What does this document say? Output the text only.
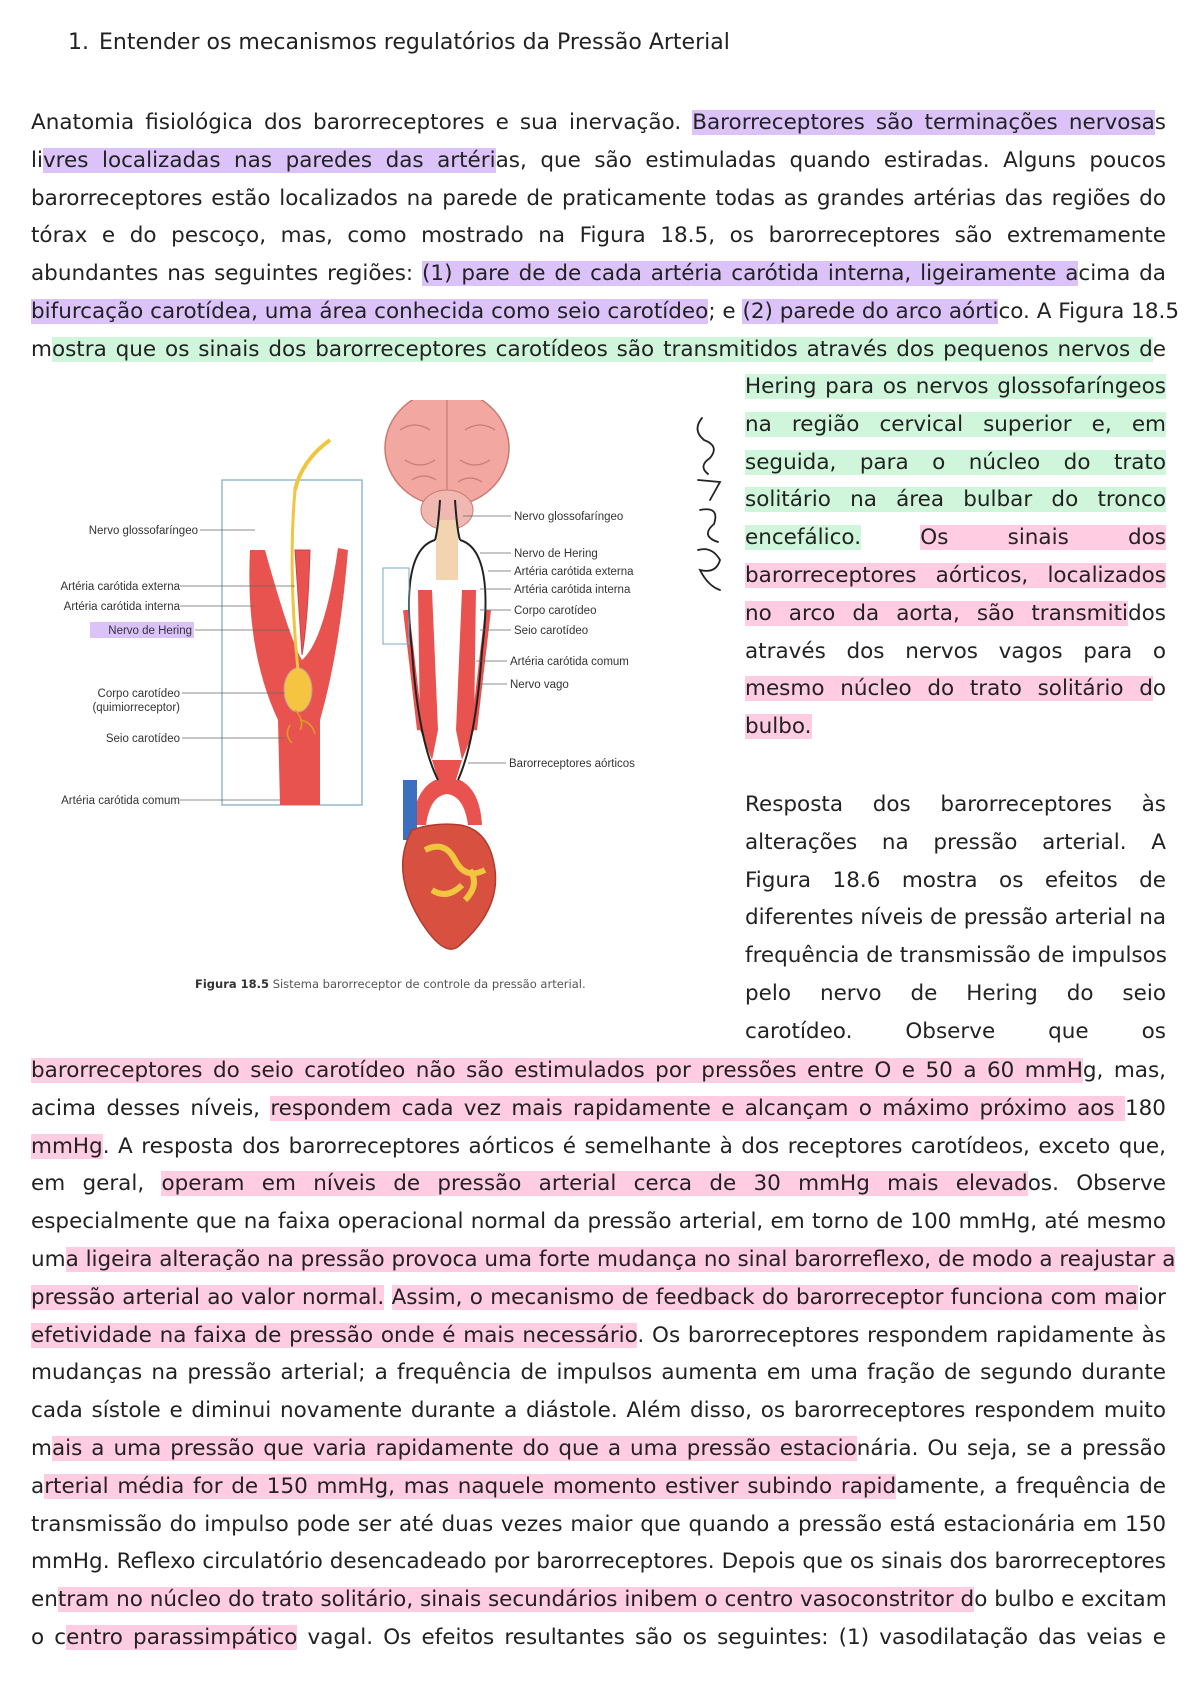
1. Entender os mecanismos regulatórios da Pressão Arterial
Anatomia fisiológica dos barorreceptores e sua inervação. Barorreceptores são terminações nervosas
livres localizadas nas paredes das artérias, que são estimuladas quando estiradas. Alguns poucos
barorreceptores estão localizados na parede de praticamente todas as grandes artérias das regiões do
tórax e do pescoço, mas, como mostrado na Figura 18.5, os barorreceptores são extremamente
abundantes nas seguintes regiões: (1) pare de de cada artéria carótida interna, ligeiramente acima da
bifurcação carotídea, uma área conhecida como seio carotídeo; e (2) parede do arco aórtico. A Figura 18.5
mostra que os sinais dos barorreceptores carotídeos são transmitidos através dos pequenos nervos de
Hering para os nervos glossofaríngeos
na região cervical superior e, em
seguida, para o núcleo do trato
solitário na área bulbar do tronco
encefálico.	Os sinais dos
barorreceptores aórticos, localizados
no arco da aorta, são transmitidos
através dos nervos vagos para o
mesmo núcleo do trato solitário do
bulbo.
Resposta dos barorreceptores às
alterações na pressão arterial. A
Figura 18.6 mostra os efeitos de
diferentes níveis de pressão arterial na
frequência de transmissão de impulsos
pelo nervo de Hering do seio
carotídeo. Observe que os
barorreceptores do seio carotídeo não são estimulados por pressões entre O e 50 a 60 mmHg, mas,
acima desses níveis, respondem cada vez mais rapidamente e alcançam o máximo próximo aos 180
mmHg. A resposta dos barorreceptores aórticos é semelhante à dos receptores carotídeos, exceto que,
em geral, operam em níveis de pressão arterial cerca de 30 mmHg mais elevados. Observe
especialmente que na faixa operacional normal da pressão arterial, em torno de 100 mmHg, até mesmo
uma ligeira alteração na pressão provoca uma forte mudança no sinal barorreflexo, de modo a reajustar a
pressão arterial ao valor normal. Assim, o mecanismo de feedback do barorreceptor funciona com maior
efetividade na faixa de pressão onde é mais necessário. Os barorreceptores respondem rapidamente às
mudanças na pressão arterial; a frequência de impulsos aumenta em uma fração de segundo durante
cada sístole e diminui novamente durante a diástole. Além disso, os barorreceptores respondem muito
mais a uma pressão que varia rapidamente do que a uma pressão estacionária. Ou seja, se a pressão
arterial média for de 150 mmHg, mas naquele momento estiver subindo rapidamente, a frequência de
transmissão do impulso pode ser até duas vezes maior que quando a pressão está estacionária em 150
mmHg. Reflexo circulatório desencadeado por barorreceptores. Depois que os sinais dos barorreceptores
entram no núcleo do trato solitário, sinais secundários inibem o centro vasoconstritor do bulbo e excitam
o centro parassimpático vagal. Os efeitos resultantes são os seguintes: (1) vasodilatação das veias e
Nervo glossofaríngeo
Artéria carótida externa
Artéria carótida interna
Nervo de Hering
Corpo carotídeo
(quimiorreceptor)
Seio carotídeo
Artéria carótida comum
Nervo glossofaríngeo
Nervo de Hering
Artéria carótida externa
Artéria carótida interna
Corpo carotídeo
Seio carotídeo
Artéria carótida comum
Nervo vago
Barorreceptores aórticos
Figura 18.5 Sistema barorreceptor de controle da pressão arterial.
